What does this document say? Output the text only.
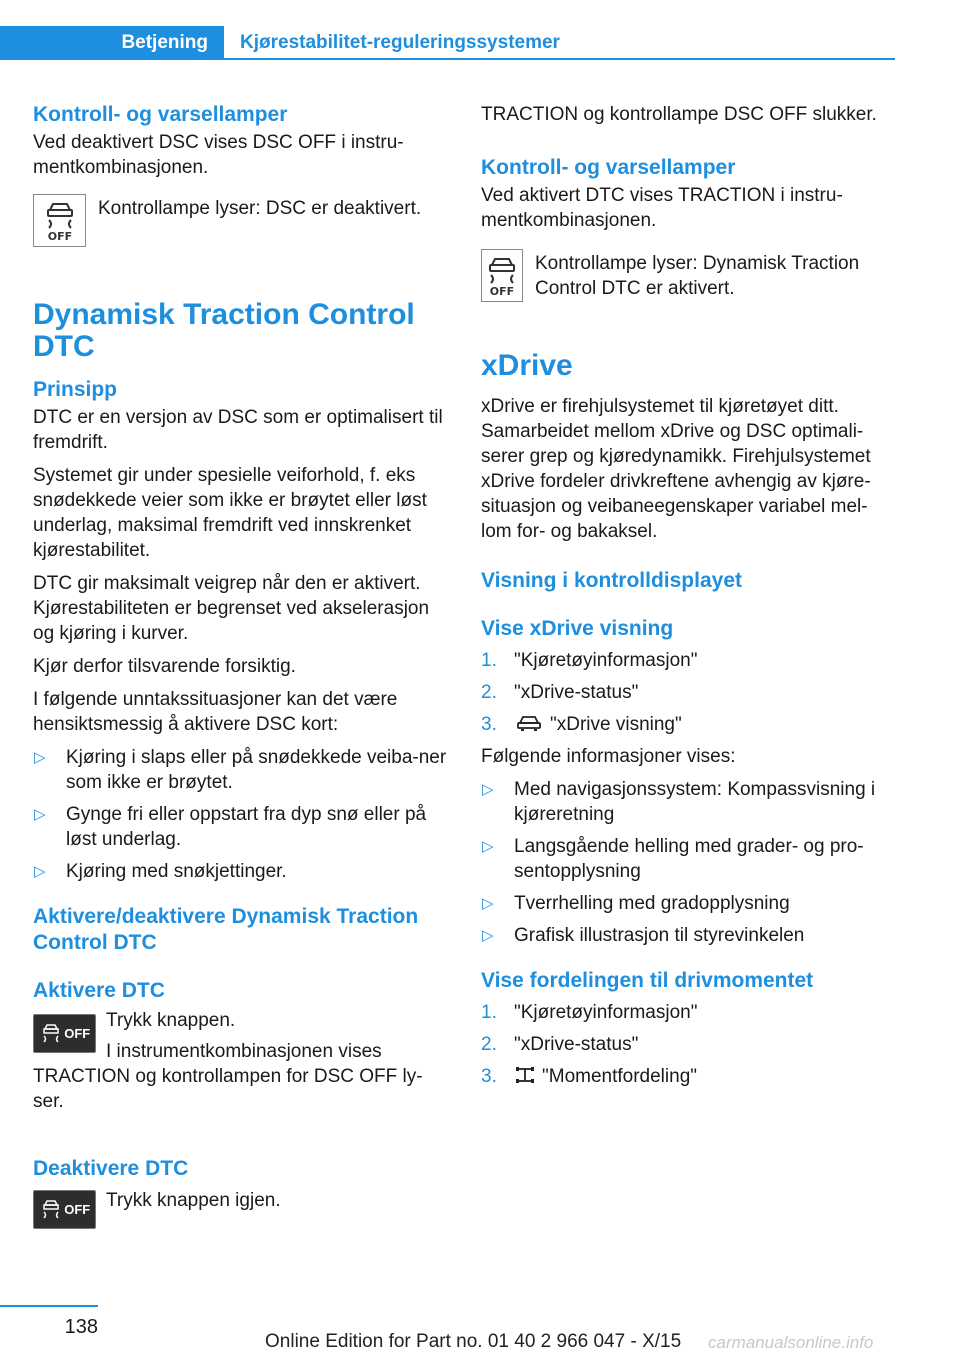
Betjening	Kjørestabilitet-reguleringssystemer
Kontroll- og varsellamper

Ved deaktivert DSC vises DSC OFF i instru-mentkombinasjonen.

OFF
Kontrollampe lyser: DSC er deaktivert.
Dynamisk Traction Control DTC
Prinsipp

DTC er en versjon av DSC som er optimalisert til fremdrift.

Systemet gir under spesielle veiforhold, f. eks snødekkede veier som ikke er brøytet eller løst underlag, maksimal fremdrift ved innskrenket kjørestabilitet.

DTC gir maksimalt veigrep når den er aktivert. Kjørestabiliteten er begrenset ved akselerasjon og kjøring i kurver.

Kjør derfor tilsvarende forsiktig.

I følgende unntakssituasjoner kan det være hensiktsmessig å aktivere DSC kort:

▷ Kjøring i slaps eller på snødekkede veiba-ner som ikke er brøytet.
▷ Gynge fri eller oppstart fra dyp snø eller på løst underlag.
▷ Kjøring med snøkjettinger.
Aktivere/deaktivere Dynamisk Traction Control DTC
Aktivere DTC
OFF

Trykk knappen.

I instrumentkombinasjonen vises TRACTION og kontrollampen for DSC OFF ly-ser.

Deaktivere DTC
OFF Trykk knappen igjen.

TRACTION og kontrollampe DSC OFF slukker.

Kontroll- og varsellamper

Ved aktivert DTC vises TRACTION i instru-mentkombinasjonen.

OFF
Kontrollampe lyser: Dynamisk Traction Control DTC er aktivert.
xDrive

xDrive er firehjulsystemet til kjøretøyet ditt. Samarbeidet mellom xDrive og DSC optimali-serer grep og kjøredynamikk. Firehjulsystemet xDrive fordeler drivkreftene avhengig av kjøre-situasjon og veibaneegenskaper variabel mel-lom for- og bakaksel.

Visning i kontrolldisplayet
Vise xDrive visning
1. "Kjøretøyinformasjon"
2. "xDrive-status"
3.	"xDrive visning"

Følgende informasjoner vises:

▷ Med navigasjonssystem: Kompassvisning i kjøreretning
▷ Langsgående helling med grader- og pro-sentopplysning
▷ Tverrhelling med gradopplysning
▷ Grafisk illustrasjon til styrevinkelen
Vise fordelingen til drivmomentet
1. "Kjøretøyinformasjon"
2. "xDrive-status"
3. "Momentfordeling"
138
Online Edition for Part no. 01 40 2 966 047 - X/15 carmanualsonline.info
